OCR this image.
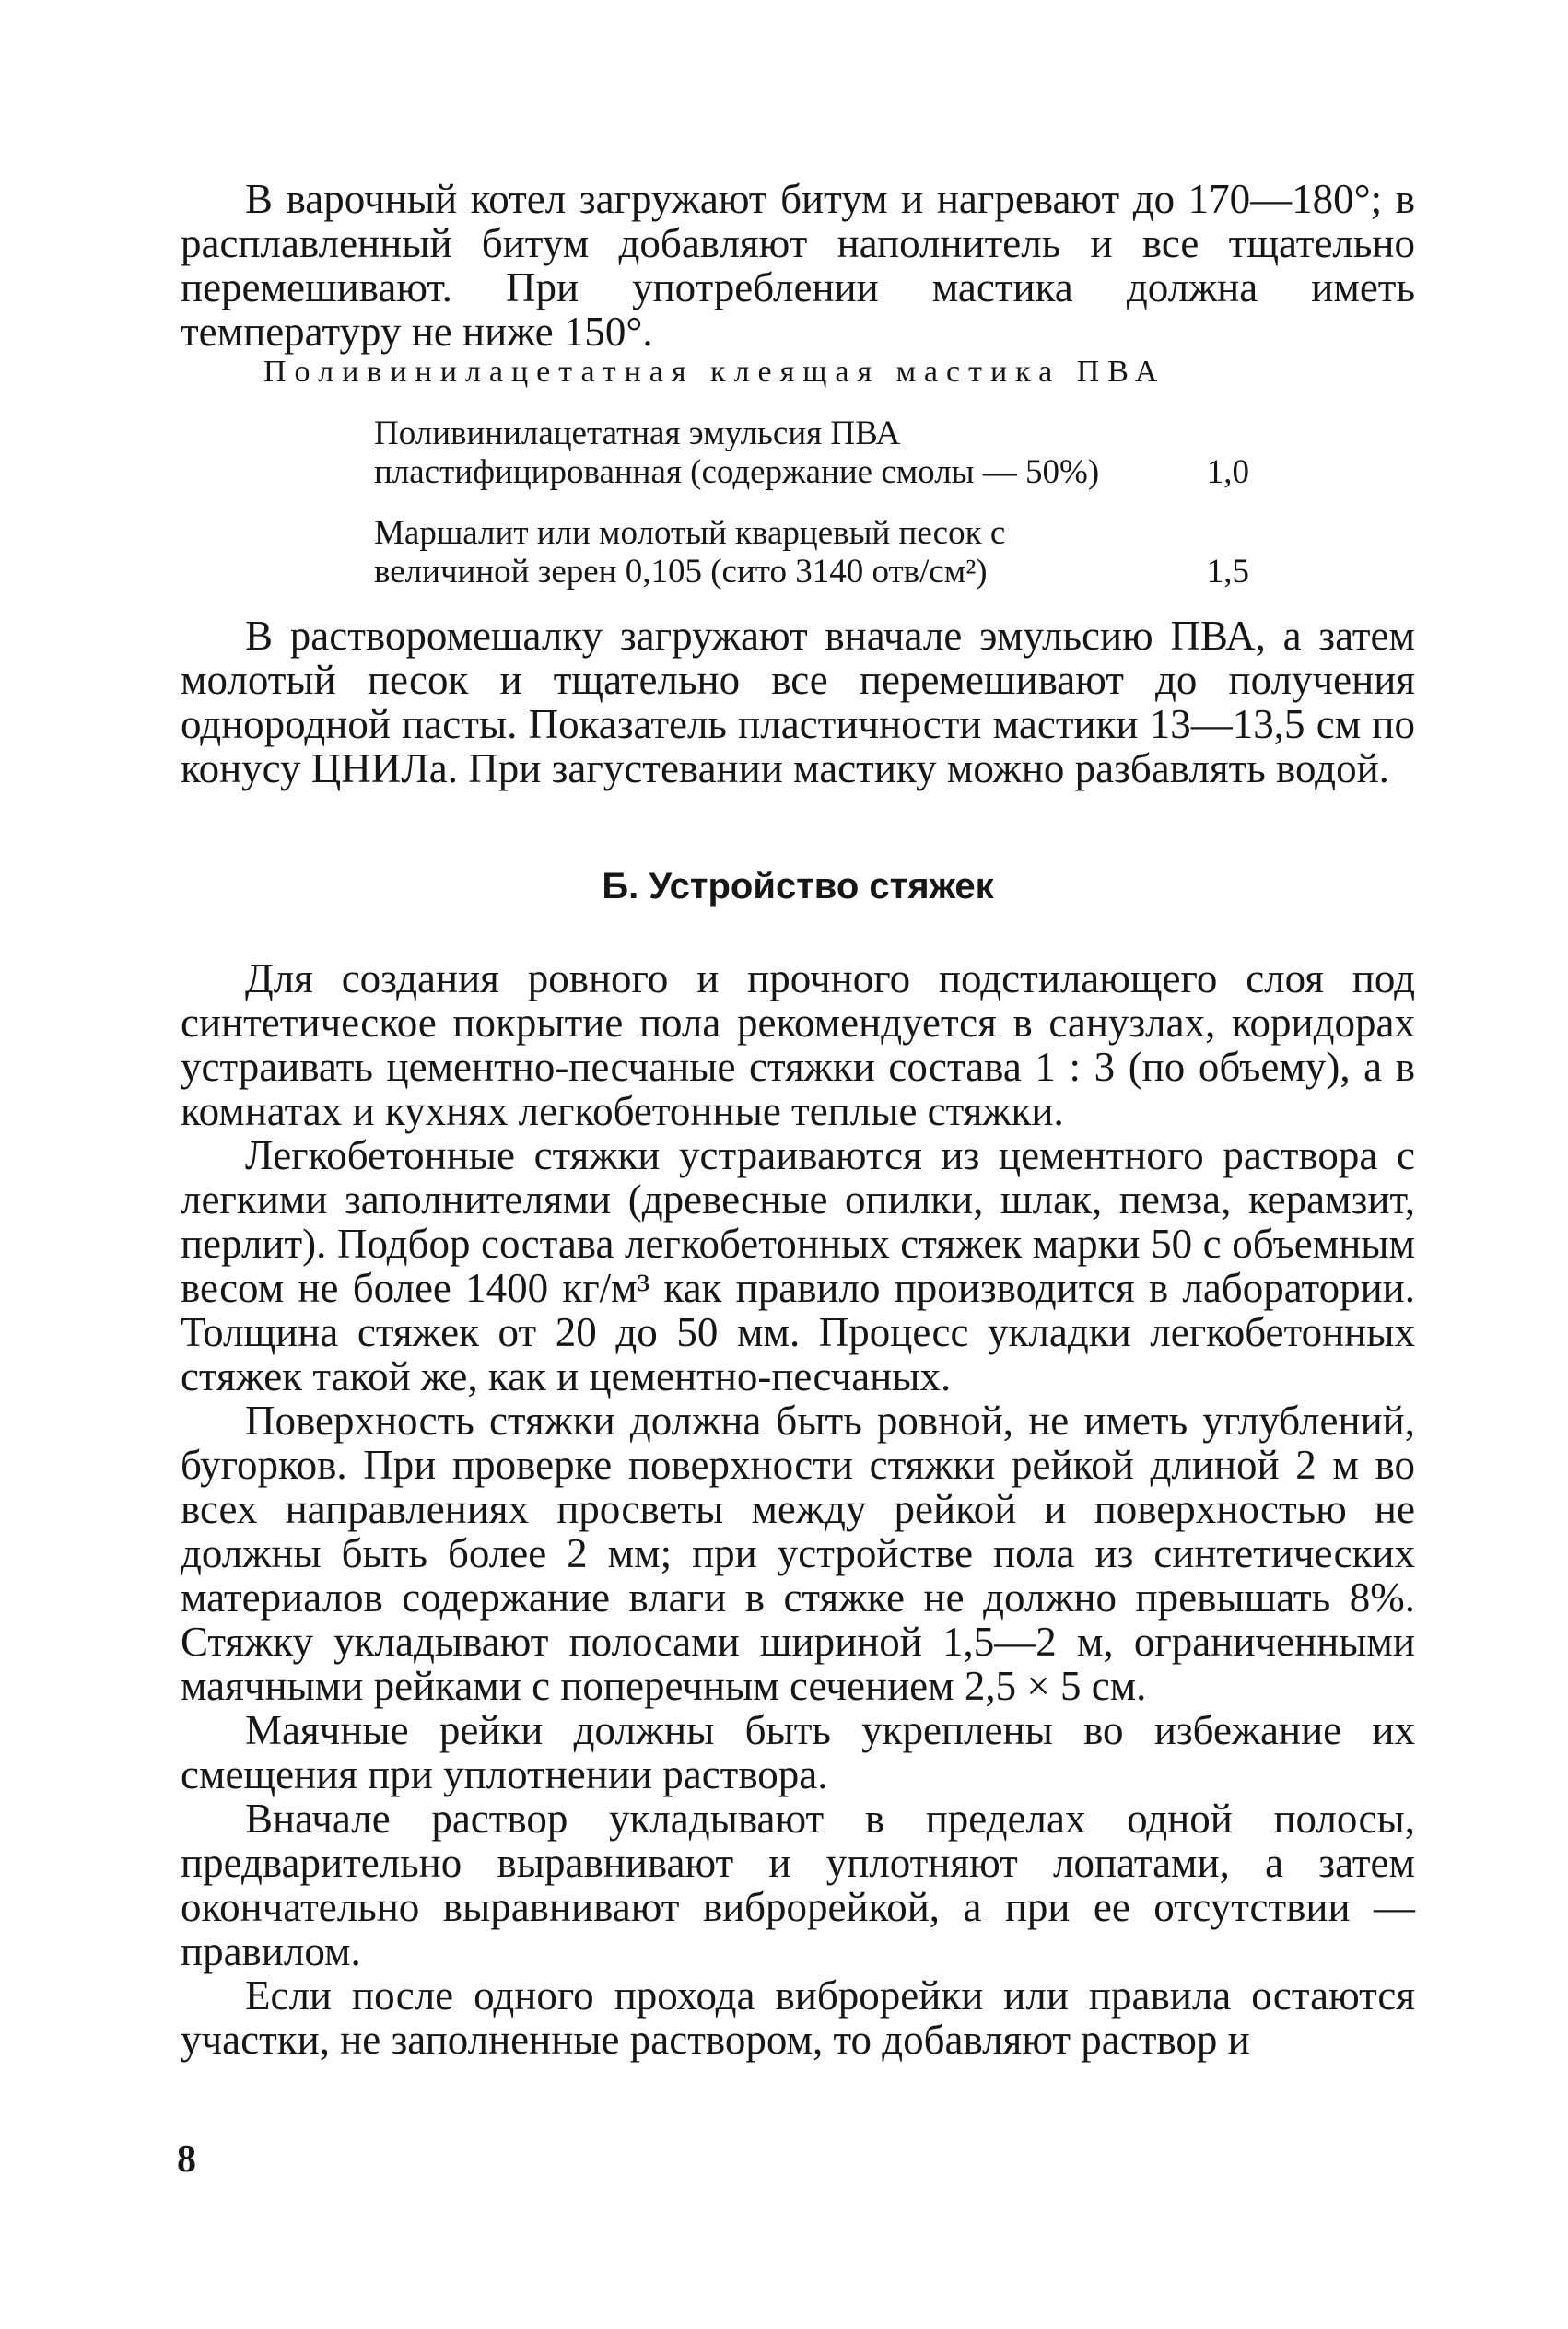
В варочный котел загружают битум и нагревают до 170—180°; в расплавленный битум добавляют наполнитель и все тщательно перемешивают. При употреблении мастика должна иметь температуру не ниже 150°.

Поливинилацетатная клеящая мастика ПВА
Поливинилацетатная эмульсия ПВА пластифицированная (содержание смолы — 50%)	1,0
Маршалит или молотый кварцевый песок с величиной зерен 0,105 (сито 3140 отв/см²)	1,5

В растворомешалку загружают вначале эмульсию ПВА, а затем молотый песок и тщательно все перемешивают до получения однородной пасты. Показатель пластичности мастики 13—13,5 см по конусу ЦНИЛа. При загустевании мастику можно разбавлять водой.

Б. Устройство стяжек

Для создания ровного и прочного подстилающего слоя под синтетическое покрытие пола рекомендуется в санузлах, коридорах устраивать цементно-песчаные стяжки состава 1 : 3 (по объему), а в комнатах и кухнях легкобетонные теплые стяжки.

Легкобетонные стяжки устраиваются из цементного раствора с легкими заполнителями (древесные опилки, шлак, пемза, керамзит, перлит). Подбор состава легкобетонных стяжек марки 50 с объемным весом не более 1400 кг/м³ как правило производится в лаборатории. Толщина стяжек от 20 до 50 мм. Процесс укладки легкобетонных стяжек такой же, как и цементно-песчаных.

Поверхность стяжки должна быть ровной, не иметь углублений, бугорков. При проверке поверхности стяжки рейкой длиной 2 м во всех направлениях просветы между рейкой и поверхностью не должны быть более 2 мм; при устройстве пола из синтетических материалов содержание влаги в стяжке не должно превышать 8%. Стяжку укладывают полосами шириной 1,5—2 м, ограниченными маячными рейками с поперечным сечением 2,5 × 5 см.

Маячные рейки должны быть укреплены во избежание их смещения при уплотнении раствора.

Вначале раствор укладывают в пределах одной полосы, предварительно выравнивают и уплотняют лопатами, а затем окончательно выравнивают виброрейкой, а при ее отсутствии — правилом.

Если после одного прохода виброрейки или правила остаются участки, не заполненные раствором, то добавляют раствор и

8
